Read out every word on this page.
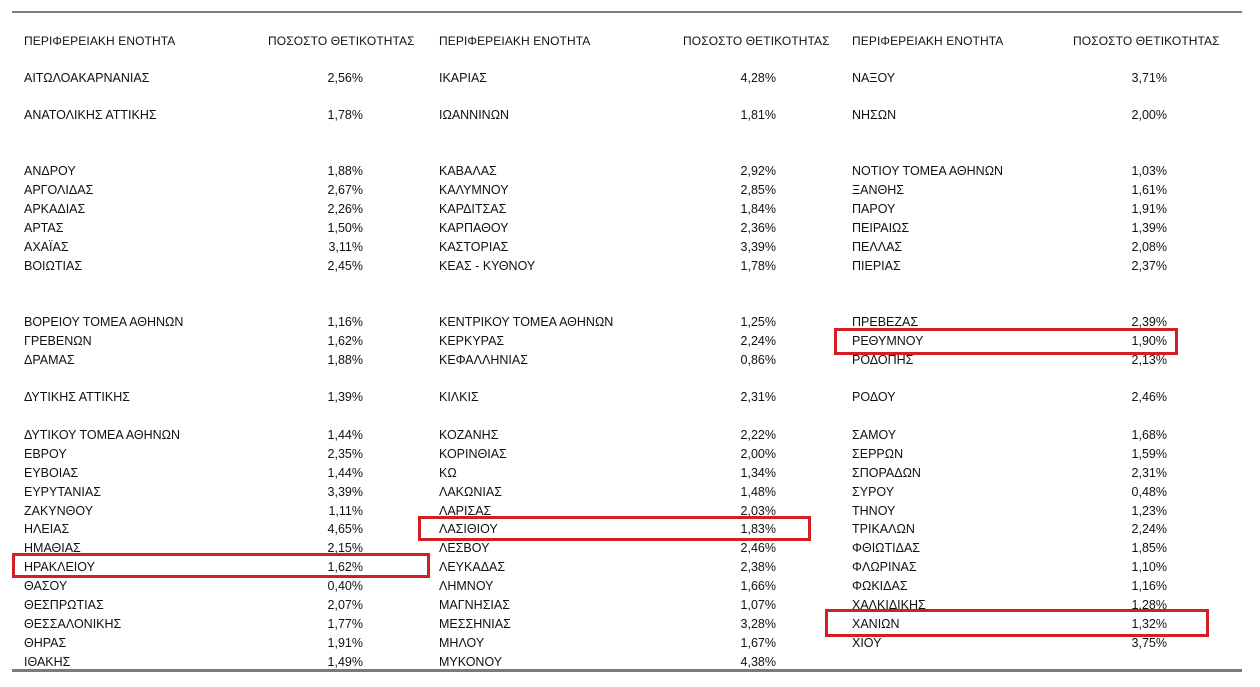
ΠΕΡΙΦΕΡΕΙΑΚΗ ΕΝΟΤΗΤΑ	ΠΟΣΟΣΤΟ ΘΕΤΙΚΟΤΗΤΑΣ
ΑΙΤΩΛΟΑΚΑΡΝΑΝΙΑΣ	2,56%
ΑΝΑΤΟΛΙΚΗΣ ΑΤΤΙΚΗΣ	1,78%
ΑΝΔΡΟΥ	1,88%
ΑΡΓΟΛΙΔΑΣ	2,67%
ΑΡΚΑΔΙΑΣ	2,26%
ΑΡΤΑΣ	1,50%
ΑΧΑΪΑΣ	3,11%
ΒΟΙΩΤΙΑΣ	2,45%
ΒΟΡΕΙΟΥ ΤΟΜΕΑ ΑΘΗΝΩΝ	1,16%
ΓΡΕΒΕΝΩΝ	1,62%
ΔΡΑΜΑΣ	1,88%
ΔΥΤΙΚΗΣ ΑΤΤΙΚΗΣ	1,39%
ΔΥΤΙΚΟΥ ΤΟΜΕΑ ΑΘΗΝΩΝ	1,44%
ΕΒΡΟΥ	2,35%
ΕΥΒΟΙΑΣ	1,44%
ΕΥΡΥΤΑΝΙΑΣ	3,39%
ΖΑΚΥΝΘΟΥ	1,11%
ΗΛΕΙΑΣ	4,65%
ΗΜΑΘΙΑΣ	2,15%
ΗΡΑΚΛΕΙΟΥ	1,62%
ΘΑΣΟΥ	0,40%
ΘΕΣΠΡΩΤΙΑΣ	2,07%
ΘΕΣΣΑΛΟΝΙΚΗΣ	1,77%
ΘΗΡΑΣ	1,91%
ΙΘΑΚΗΣ	1,49%
ΠΕΡΙΦΕΡΕΙΑΚΗ ΕΝΟΤΗΤΑ	ΠΟΣΟΣΤΟ ΘΕΤΙΚΟΤΗΤΑΣ
ΙΚΑΡΙΑΣ	4,28%
ΙΩΑΝΝΙΝΩΝ	1,81%
ΚΑΒΑΛΑΣ	2,92%
ΚΑΛΥΜΝΟΥ	2,85%
ΚΑΡΔΙΤΣΑΣ	1,84%
ΚΑΡΠΑΘΟΥ	2,36%
ΚΑΣΤΟΡΙΑΣ	3,39%
ΚΕΑΣ - ΚΥΘΝΟΥ	1,78%
ΚΕΝΤΡΙΚΟΥ ΤΟΜΕΑ ΑΘΗΝΩΝ	1,25%
ΚΕΡΚΥΡΑΣ	2,24%
ΚΕΦΑΛΛΗΝΙΑΣ	0,86%
ΚΙΛΚΙΣ	2,31%
ΚΟΖΑΝΗΣ	2,22%
ΚΟΡΙΝΘΙΑΣ	2,00%
ΚΩ	1,34%
ΛΑΚΩΝΙΑΣ	1,48%
ΛΑΡΙΣΑΣ	2,03%
ΛΑΣΙΘΙΟΥ	1,83%
ΛΕΣΒΟΥ	2,46%
ΛΕΥΚΑΔΑΣ	2,38%
ΛΗΜΝΟΥ	1,66%
ΜΑΓΝΗΣΙΑΣ	1,07%
ΜΕΣΣΗΝΙΑΣ	3,28%
ΜΗΛΟΥ	1,67%
ΜΥΚΟΝΟΥ	4,38%
ΠΕΡΙΦΕΡΕΙΑΚΗ ΕΝΟΤΗΤΑ	ΠΟΣΟΣΤΟ ΘΕΤΙΚΟΤΗΤΑΣ
ΝΑΞΟΥ	3,71%
ΝΗΣΩΝ	2,00%
ΝΟΤΙΟΥ ΤΟΜΕΑ ΑΘΗΝΩΝ	1,03%
ΞΑΝΘΗΣ	1,61%
ΠΑΡΟΥ	1,91%
ΠΕΙΡΑΙΩΣ	1,39%
ΠΕΛΛΑΣ	2,08%
ΠΙΕΡΙΑΣ	2,37%
ΠΡΕΒΕΖΑΣ	2,39%
ΡΕΘΥΜΝΟΥ	1,90%
ΡΟΔΟΠΗΣ	2,13%
ΡΟΔΟΥ	2,46%
ΣΑΜΟΥ	1,68%
ΣΕΡΡΩΝ	1,59%
ΣΠΟΡΑΔΩΝ	2,31%
ΣΥΡΟΥ	0,48%
ΤΗΝΟΥ	1,23%
ΤΡΙΚΑΛΩΝ	2,24%
ΦΘΙΩΤΙΔΑΣ	1,85%
ΦΛΩΡΙΝΑΣ	1,10%
ΦΩΚΙΔΑΣ	1,16%
ΧΑΛΚΙΔΙΚΗΣ	1,28%
ΧΑΝΙΩΝ	1,32%
ΧΙΟΥ	3,75%
